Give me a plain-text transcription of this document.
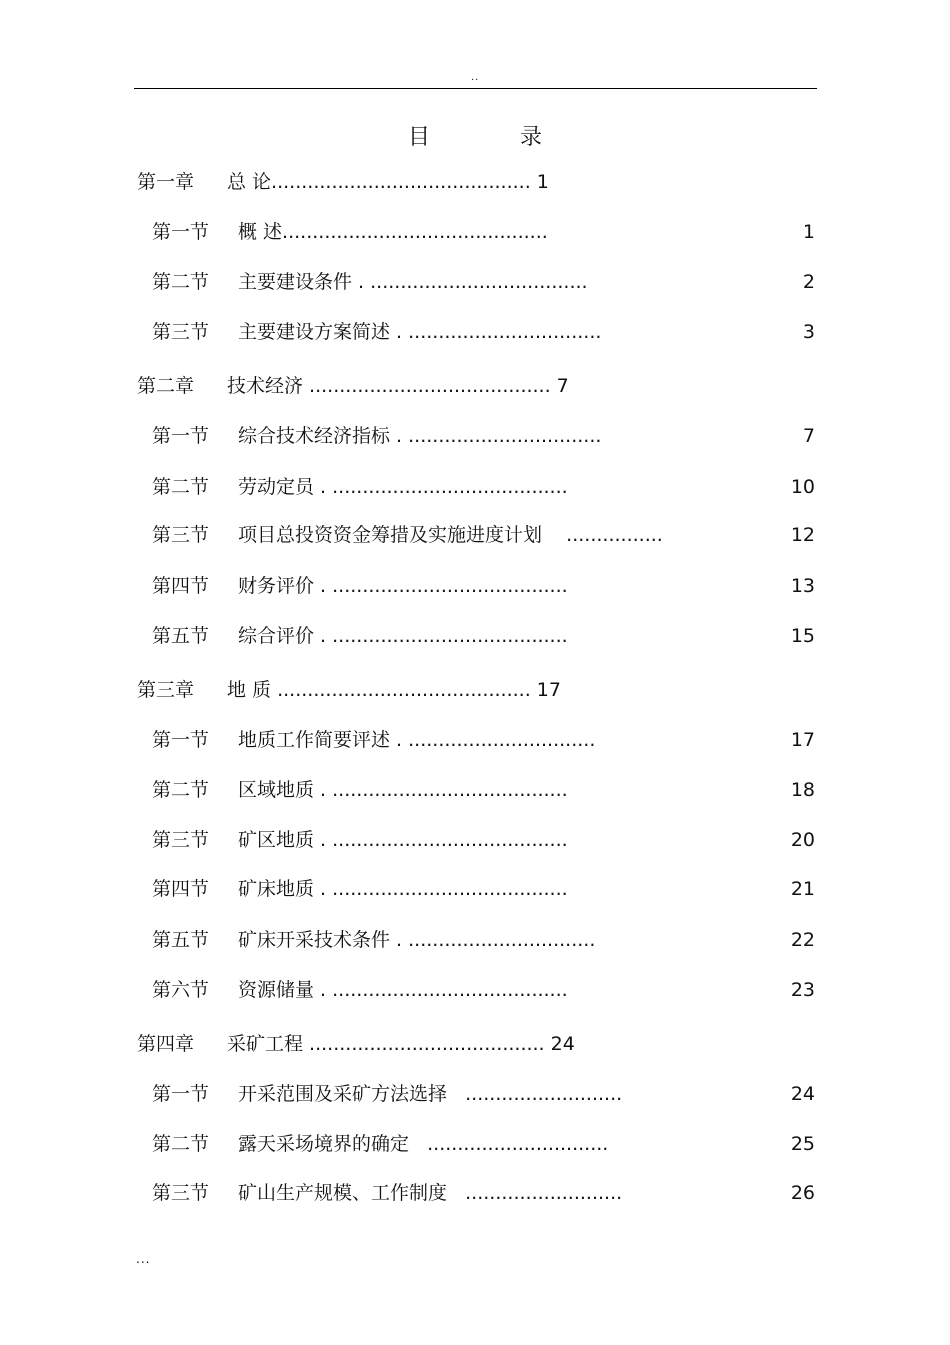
..
目　录
第一章 总 论........................................... 1
第一节 概 述............................................	1
第二节 主要建设条件 . ....................................	2
第三节 主要建设方案简述 . ................................	3
第二章 技术经济 ........................................ 7
第一节 综合技术经济指标 . ................................	7
第二节 劳动定员 . .......................................	10
第三节 项目总投资资金筹措及实施进度计划    ................	12
第四节 财务评价 . .......................................	13
第五节 综合评价 . .......................................	15
第三章 地 质 .......................................... 17
第一节 地质工作简要评述 . ...............................	17
第二节 区域地质 . .......................................	18
第三节 矿区地质 . .......................................	20
第四节 矿床地质 . .......................................	21
第五节 矿床开采技术条件 . ...............................	22
第六节 资源储量 . .......................................	23
第四章 采矿工程 ....................................... 24
第一节 开采范围及采矿方法选择   ..........................	24
第二节 露天采场境界的确定   ..............................	25
第三节 矿山生产规模、工作制度   ..........................	26
...
